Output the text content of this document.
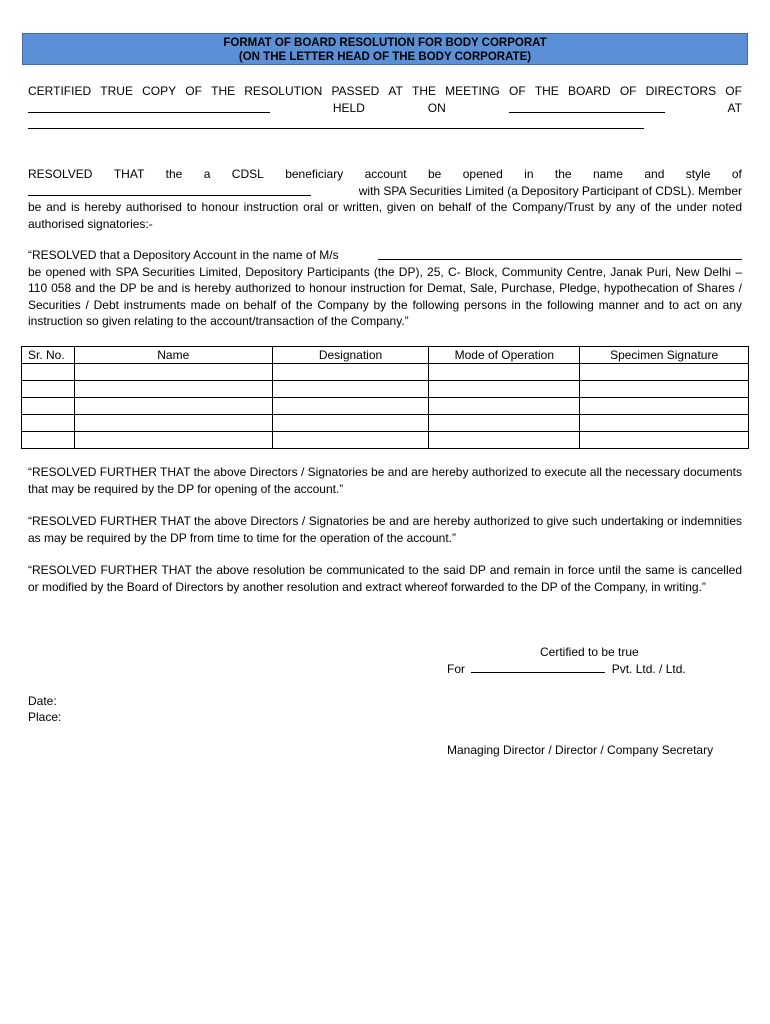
FORMAT OF BOARD RESOLUTION FOR BODY CORPORAT
(ON THE LETTER HEAD OF THE BODY CORPORATE)
CERTIFIED TRUE COPY OF THE RESOLUTION PASSED AT THE MEETING OF THE BOARD OF DIRECTORS OF
HELD	ON	AT
RESOLVED THAT the a CDSL beneficiary account be opened in the name and style of
with SPA Securities Limited (a Depository Participant of CDSL). Member
be and is hereby authorised to honour instruction oral or written, given on behalf of the Company/Trust by any of the under noted authorised signatories:-
“RESOLVED that a Depository Account in the name of M/s
be opened with SPA Securities Limited, Depository Participants (the DP), 25, C- Block, Community Centre, Janak Puri, New Delhi – 110 058 and the DP be and is hereby authorized to honour instruction for Demat, Sale, Purchase, Pledge, hypothecation of Shares / Securities / Debt instruments made on behalf of the Company by the following persons in the following manner and to act on any instruction so given relating to the account/transaction of the Company.”
Sr. No.	Name	Designation	Mode of Operation	Specimen Signature

“RESOLVED FURTHER THAT the above Directors / Signatories be and are hereby authorized to execute all the necessary documents that may be required by the DP for opening of the account.”
“RESOLVED FURTHER THAT the above Directors / Signatories be and are hereby authorized to give such undertaking or indemnities as may be required by the DP from time to time for the operation of the account.”
“RESOLVED FURTHER THAT the above resolution be communicated to the said DP and remain in force until the same is cancelled or modified by the Board of Directors by another resolution and extract whereof forwarded to the DP of the Company, in writing.”
Certified to be true
For	Pvt. Ltd. / Ltd.
Date:
Place:
Managing Director / Director / Company Secretary
